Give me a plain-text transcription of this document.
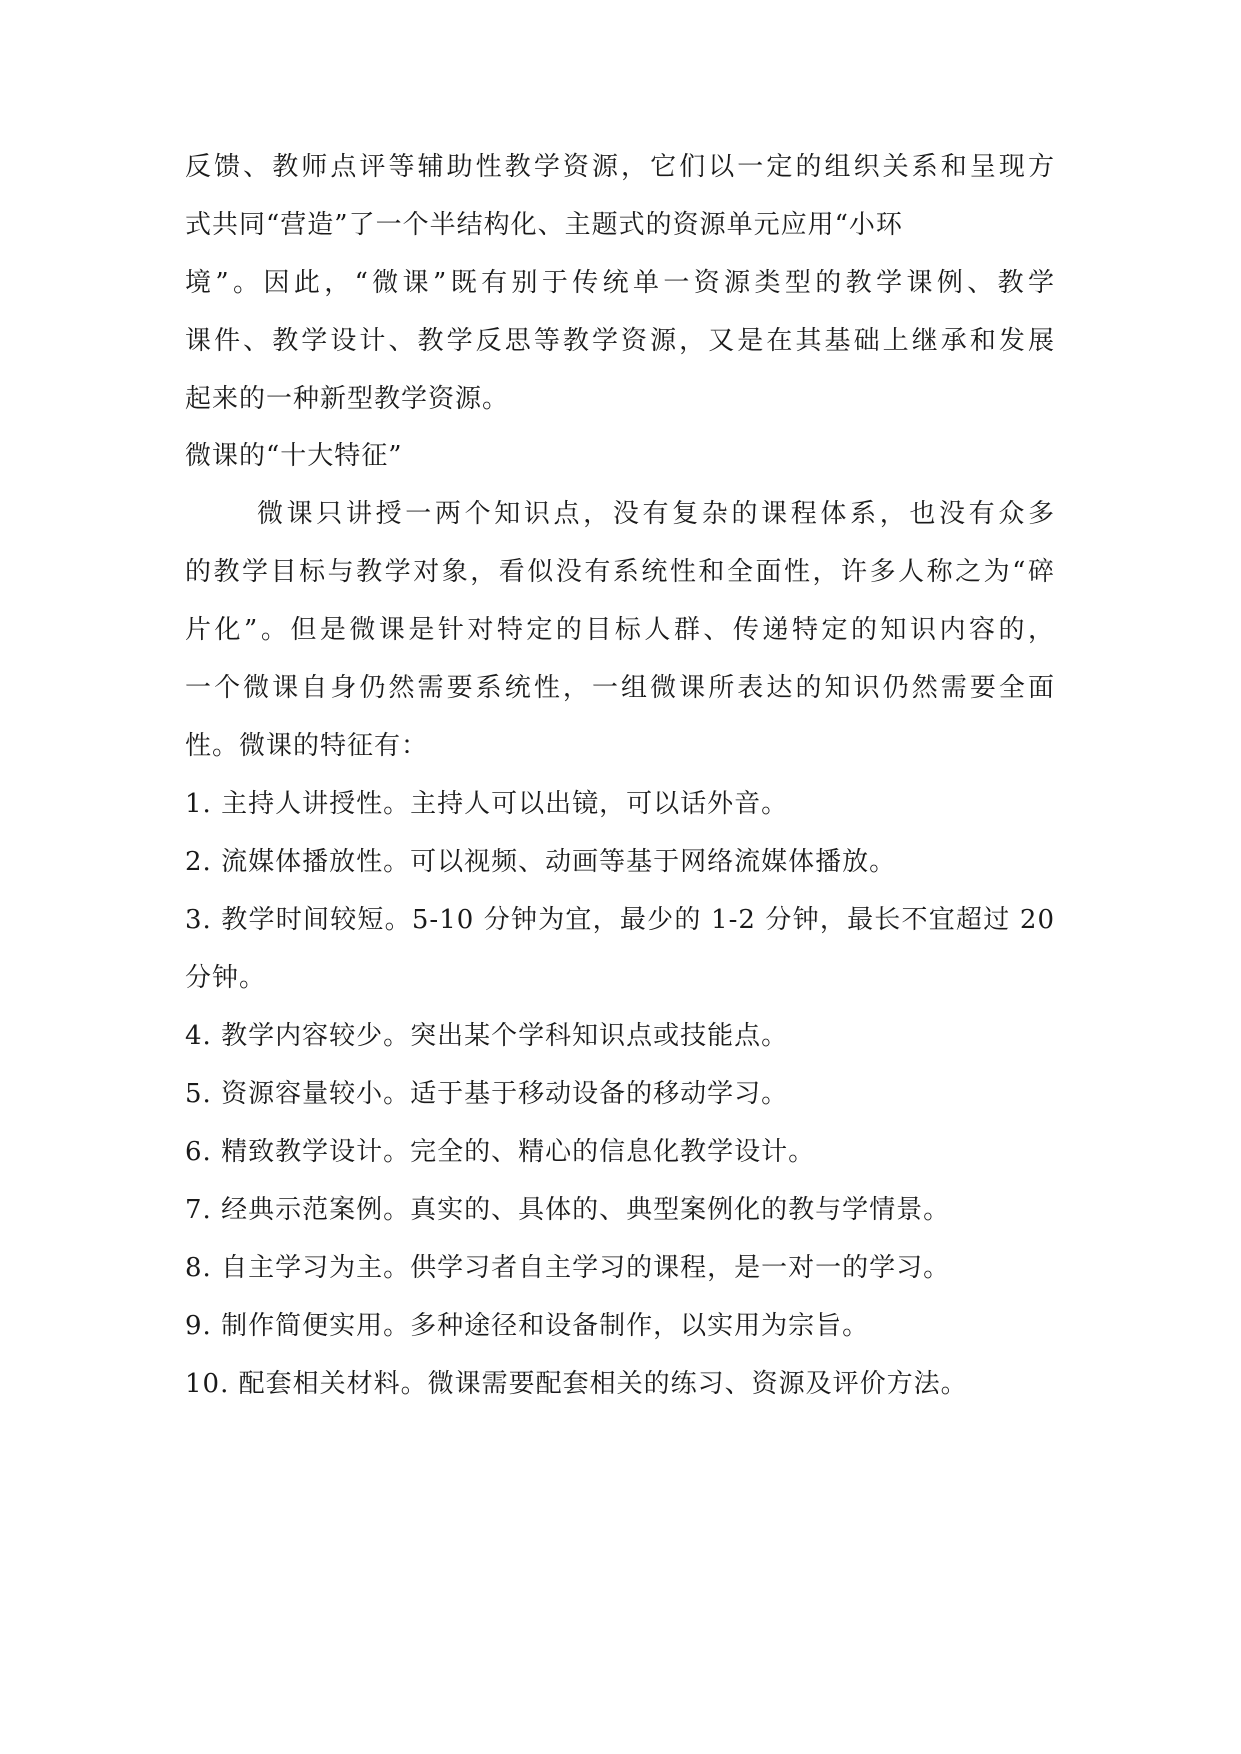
反馈、教师点评等辅助性教学资源，它们以一定的组织关系和呈现方
式共同“营造”了一个半结构化、主题式的资源单元应用“小环
境”。因此，“微课”既有别于传统单一资源类型的教学课例、教学
课件、教学设计、教学反思等教学资源，又是在其基础上继承和发展
起来的一种新型教学资源。
微课的“十大特征”
微课只讲授一两个知识点，没有复杂的课程体系，也没有众多
的教学目标与教学对象，看似没有系统性和全面性，许多人称之为“碎
片化”。但是微课是针对特定的目标人群、传递特定的知识内容的，
一个微课自身仍然需要系统性，一组微课所表达的知识仍然需要全面
性。微课的特征有：
1. 主持人讲授性。主持人可以出镜，可以话外音。
2. 流媒体播放性。可以视频、动画等基于网络流媒体播放。
3. 教学时间较短。5-10 分钟为宜，最少的 1-2 分钟，最长不宜超过 20
分钟。
4. 教学内容较少。突出某个学科知识点或技能点。
5. 资源容量较小。适于基于移动设备的移动学习。
6. 精致教学设计。完全的、精心的信息化教学设计。
7. 经典示范案例。真实的、具体的、典型案例化的教与学情景。
8. 自主学习为主。供学习者自主学习的课程，是一对一的学习。
9. 制作简便实用。多种途径和设备制作，以实用为宗旨。
10. 配套相关材料。微课需要配套相关的练习、资源及评价方法。
